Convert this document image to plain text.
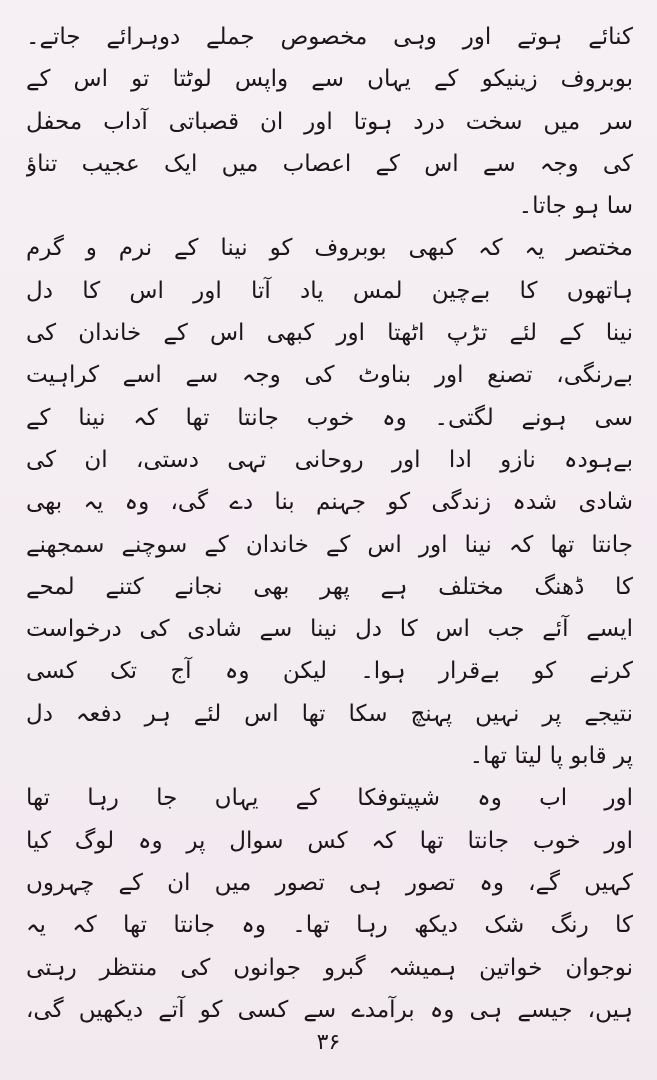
کنائے ہوتے اور وہی مخصوص جملے دوہرائے جاتے۔
بوبروف زینیکو کے یہاں سے واپس لوٹتا تو اس کے
سر میں سخت درد ہوتا اور ان قصباتی آداب محفل
کی وجہ سے اس کے اعصاب میں ایک عجیب تناؤ
سا ہو جاتا۔
مختصر یہ کہ کبھی بوبروف کو نینا کے نرم و گرم
ہاتھوں کا بےچین لمس یاد آتا اور اس کا دل
نینا کے لئے تڑپ اٹھتا اور کبھی اس کے خاندان کی
بےرنگی، تصنع اور بناوٹ کی وجہ سے اسے کراہیت
سی ہونے لگتی۔ وہ خوب جانتا تھا کہ نینا کے
بےہودہ نازو ادا اور روحانی تہی دستی، ان کی
شادی شدہ زندگی کو جہنم بنا دے گی، وہ یہ بھی
جانتا تھا کہ نینا اور اس کے خاندان کے سوچنے سمجھنے
کا ڈھنگ مختلف ہے پھر بھی نجانے کتنے لمحے
ایسے آئے جب اس کا دل نینا سے شادی کی درخواست
کرنے کو بےقرار ہوا۔ لیکن وہ آج تک کسی
نتیجے پر نہیں پہنچ سکا تھا اس لئے ہر دفعہ دل
پر قابو پا لیتا تھا۔
اور اب وہ شپیتوفکا کے یہاں جا رہا تھا
اور خوب جانتا تھا کہ کس سوال پر وہ لوگ کیا
کہیں گے، وہ تصور ہی تصور میں ان کے چہروں
کا رنگ شک دیکھ رہا تھا۔ وہ جانتا تھا کہ یہ
نوجوان خواتین ہمیشہ گبرو جوانوں کی منتظر رہتی
ہیں، جیسے ہی وہ برآمدے سے کسی کو آتے دیکھیں گی،
۳۶
